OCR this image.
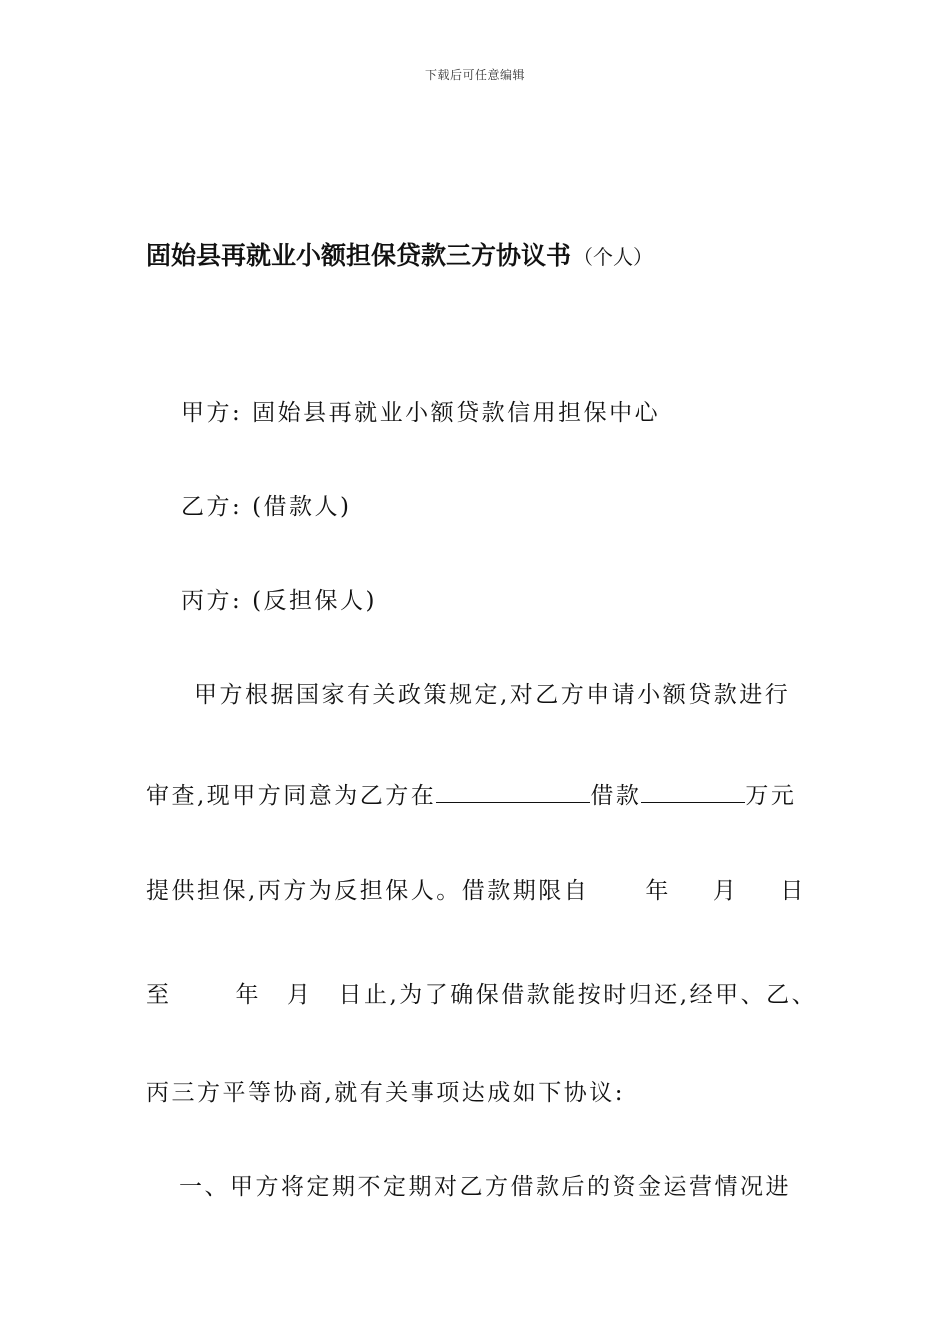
下载后可任意编辑
固始县再就业小额担保贷款三方协议书 （个人）
甲方: 固始县再就业小额贷款信用担保中心
乙方: (借款人)
丙方: (反担保人)
甲方根据国家有关政策规定,对乙方申请小额贷款进行
审查,现甲方同意为乙方在	借款	万元
提供担保,丙方为反担保人。借款期限自 年 月 日
至	年 月 日止,为了确保借款能按时归还,经甲、乙、
丙三方平等协商,就有关事项达成如下协议:
一、甲方将定期不定期对乙方借款后的资金运营情况进
